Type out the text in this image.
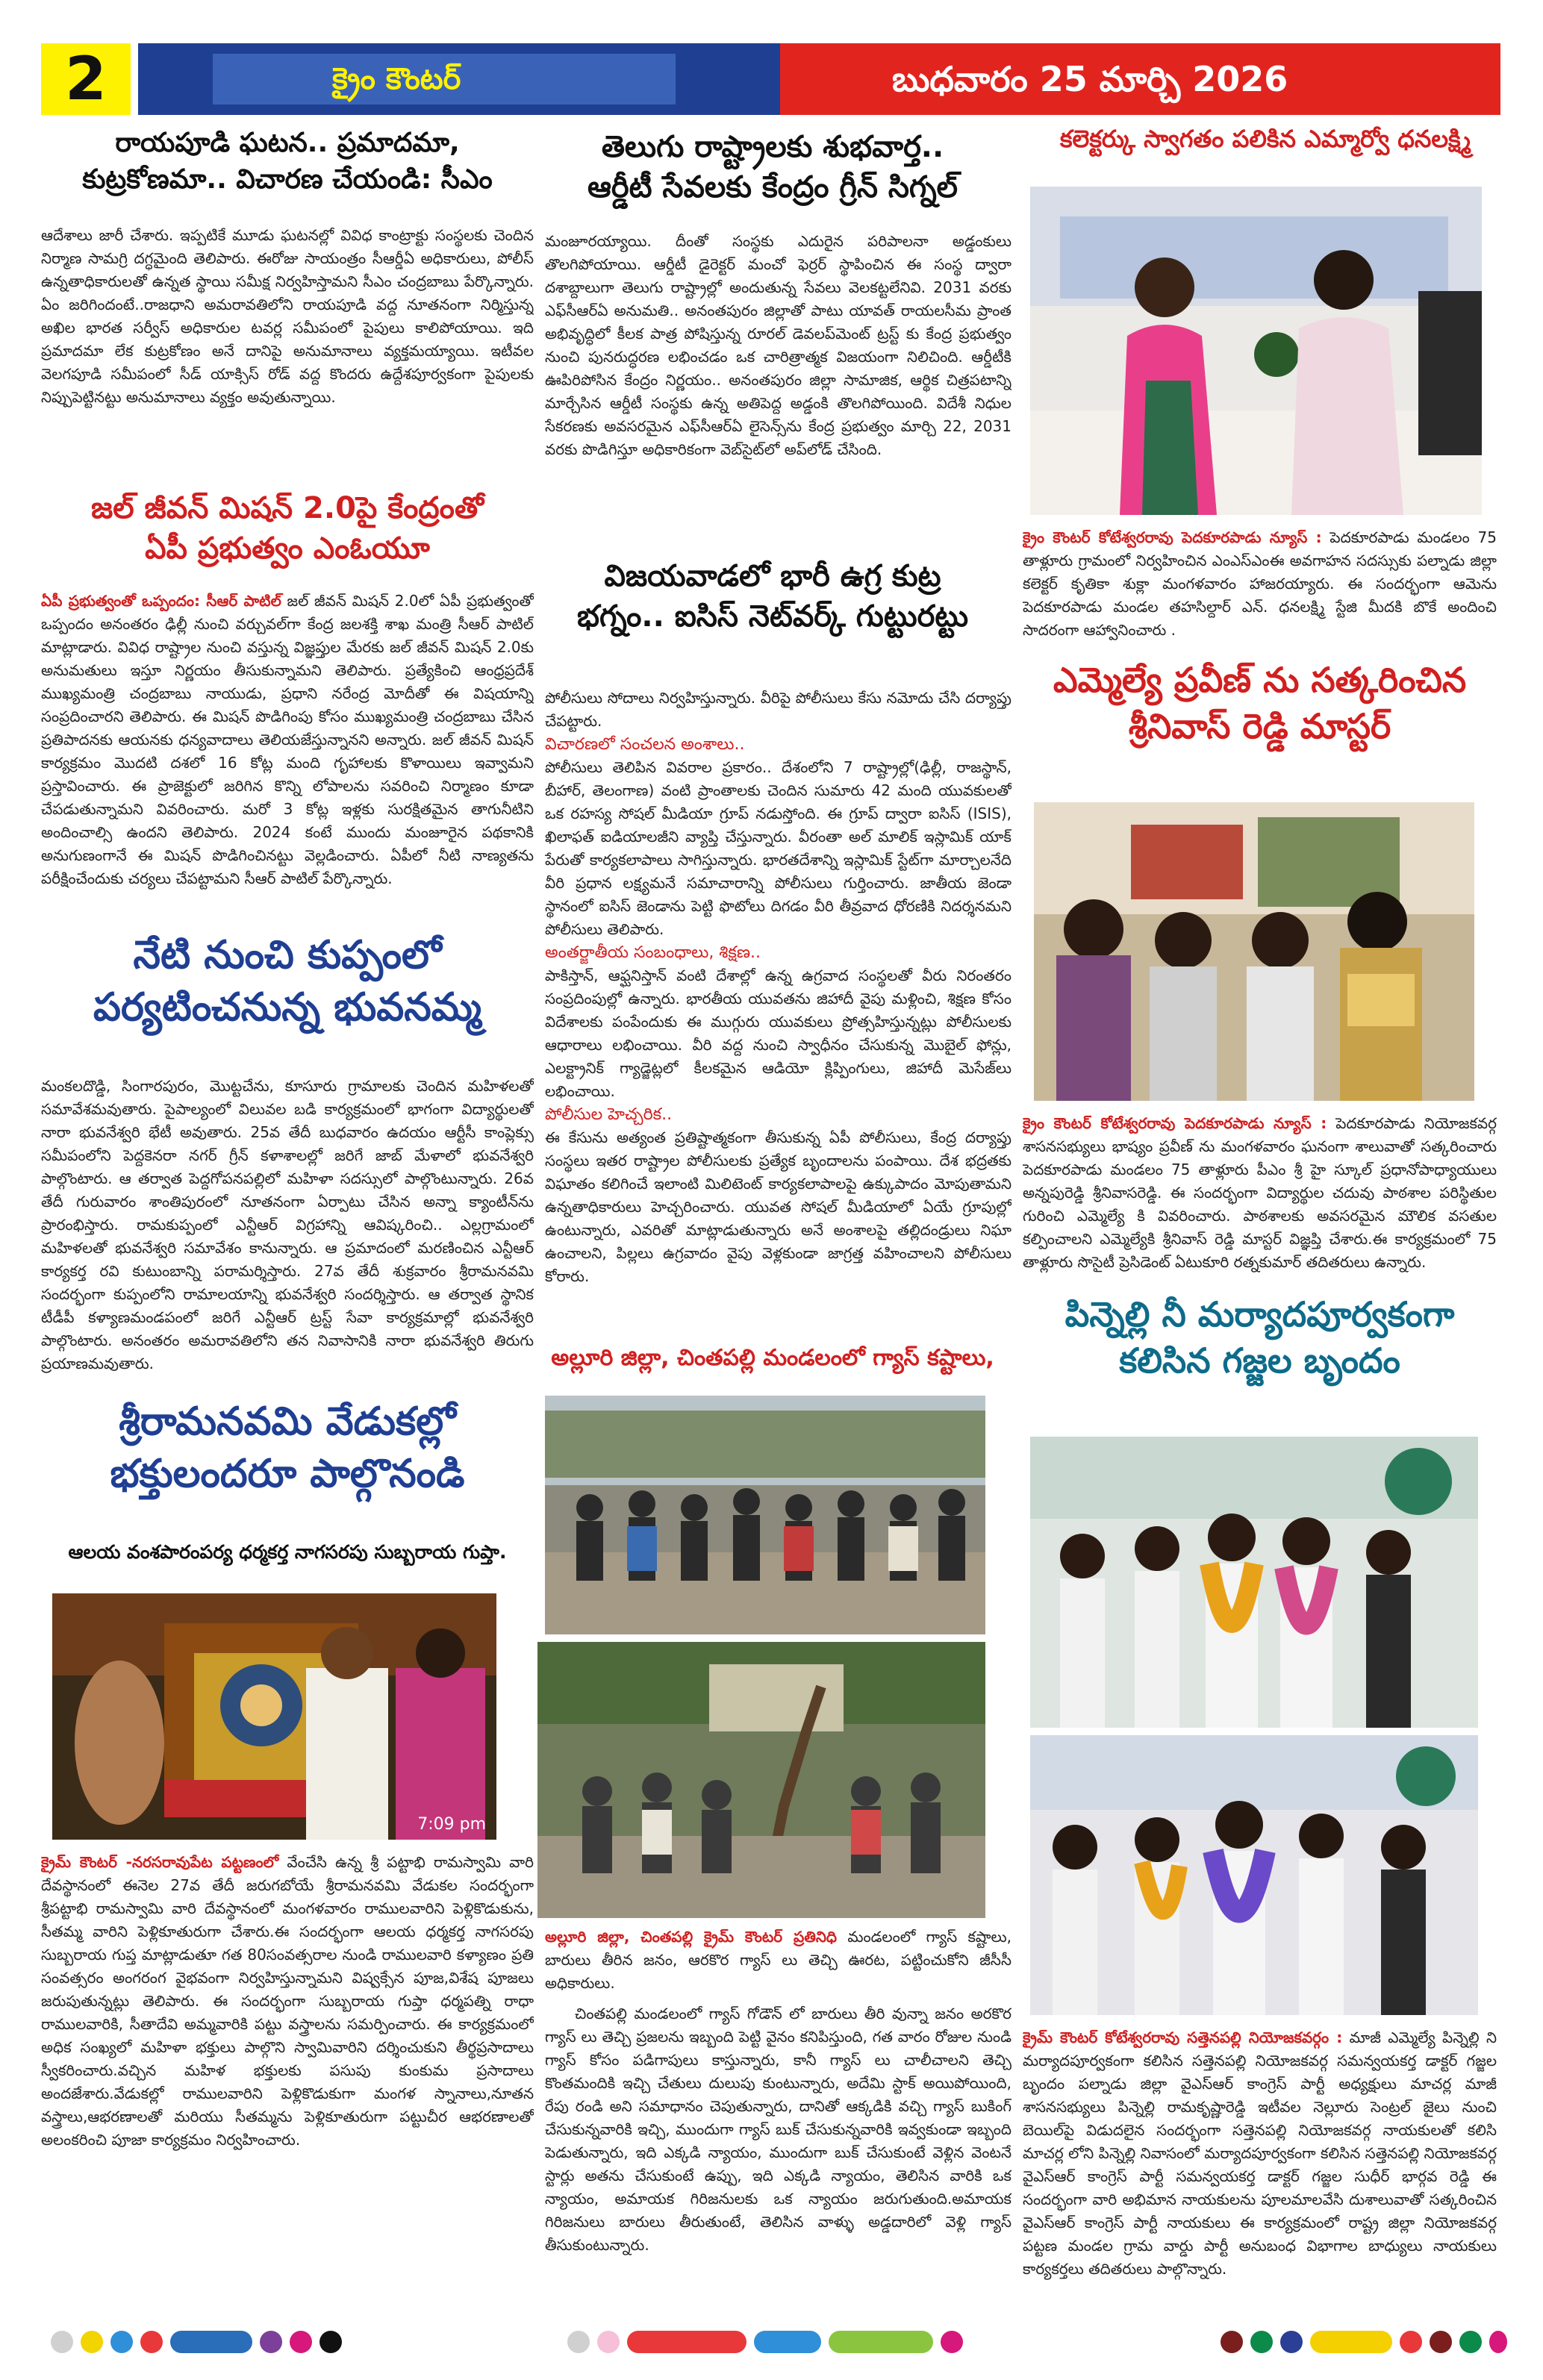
2	క్రైం కౌంటర్	బుధవారం 25 మార్చి 2026
రాయపూడి ఘటన.. ప్రమాదమా,
కుట్రకోణమా.. విచారణ చేయండి: సీఎం
ఆదేశాలు జారీ చేశారు. ఇప్పటికే మూడు ఘటనల్లో వివిధ కాంట్రాక్టు సంస్థలకు చెందిన నిర్మాణ సామగ్రి దగ్ధమైంది తెలిపారు. ఈరోజు సాయంత్రం సీఆర్డీఏ అధికారులు, పోలీస్ ఉన్నతాధికారులతో ఉన్నత స్థాయి సమీక్ష నిర్వహిస్తామని సీఎం చంద్రబాబు పేర్కొన్నారు. ఏం జరిగిందంటే..రాజధాని అమరావతిలోని రాయపూడి వద్ద నూతనంగా నిర్మిస్తున్న అఖిల భారత సర్వీస్ అధికారుల టవర్ల సమీపంలో పైపులు కాలిపోయాయి. ఇది ప్రమాదమా లేక కుట్రకోణం అనే దానిపై అనుమానాలు వ్యక్తమయ్యాయి. ఇటీవల వెలగపూడి సమీపంలో సీడ్ యాక్సిస్ రోడ్ వద్ద కొందరు ఉద్దేశపూర్వకంగా పైపులకు నిప్పుపెట్టినట్టు అనుమానాలు వ్యక్తం అవుతున్నాయి.
జల్ జీవన్ మిషన్ 2.0పై కేంద్రంతో
ఏపీ ప్రభుత్వం ఎంఓయూ
ఏపీ ప్రభుత్వంతో ఒప్పందం: సీఆర్ పాటిల్ జల్ జీవన్ మిషన్ 2.0లో ఏపీ ప్రభుత్వంతో ఒప్పందం అనంతరం ఢిల్లీ నుంచి వర్చువల్‌గా కేంద్ర జలశక్తి శాఖ మంత్రి సీఆర్ పాటిల్ మాట్లాడారు. వివిధ రాష్ట్రాల నుంచి వస్తున్న విజ్ఞప్తుల మేరకు జల్ జీవన్ మిషన్ 2.0కు అనుమతులు ఇస్తూ నిర్ణయం తీసుకున్నామని తెలిపారు. ప్రత్యేకించి ఆంధ్రప్రదేశ్ ముఖ్యమంత్రి చంద్రబాబు నాయుడు, ప్రధాని నరేంద్ర మోదీతో ఈ విషయాన్ని సంప్రదించారని తెలిపారు. ఈ మిషన్ పొడిగింపు కోసం ముఖ్యమంత్రి చంద్రబాబు చేసిన ప్రతిపాదనకు ఆయనకు ధన్యవాదాలు తెలియజేస్తున్నానని అన్నారు. జల్ జీవన్ మిషన్ కార్యక్రమం మొదటి దశలో 16 కోట్ల మంది గృహాలకు కొళాయిలు ఇవ్వామని ప్రస్తావించారు. ఈ ప్రాజెక్టులో జరిగిన కొన్ని లోపాలను సవరించి నిర్మాణం కూడా చేపడుతున్నామని వివరించారు. మరో 3 కోట్ల ఇళ్లకు సురక్షితమైన తాగునీటిని అందించాల్సి ఉందని తెలిపారు. 2024 కంటే ముందు మంజూరైన పథకానికి అనుగుణంగానే ఈ మిషన్ పొడిగించినట్టు వెల్లడించారు. ఏపీలో నీటి నాణ్యతను పరీక్షించేందుకు చర్యలు చేపట్టామని సీఆర్ పాటిల్ పేర్కొన్నారు.
నేటి నుంచి కుప్పంలో
పర్యటించనున్న భువనమ్మ
మంకలదొడ్డి, సింగారపురం, మొట్టచేను, కూసూరు గ్రామాలకు చెందిన మహిళలతో సమావేశమవుతారు. పైపాల్యంలో విలువల బడి కార్యక్రమంలో భాగంగా విద్యార్థులతో నారా భువనేశ్వరి భేటీ అవుతారు. 25వ తేదీ బుధవారం ఉదయం ఆర్టీసీ కాంప్లెక్సు సమీపంలోని పెద్దకెనరా నగర్ గ్రీన్ కళాశాలల్లో జరిగే జాబ్ మేళాలో భువనేశ్వరి పాల్గొంటారు. ఆ తర్వాత పెద్దగోపనపల్లిలో మహిళా సదస్సులో పాల్గొంటున్నారు. 26వ తేదీ గురువారం శాంతిపురంలో నూతనంగా ఏర్పాటు చేసిన అన్నా క్యాంటీన్‌ను ప్రారంభిస్తారు. రామకుప్పంలో ఎన్టీఆర్ విగ్రహాన్ని ఆవిష్కరించి.. ఎల్లగ్రామంలో మహిళలతో భువనేశ్వరి సమావేశం కానున్నారు. ఆ ప్రమాదంలో మరణించిన ఎన్టీఆర్ కార్యకర్త రవి కుటుంబాన్ని పరామర్శిస్తారు. 27వ తేదీ శుక్రవారం శ్రీరామనవమి సందర్భంగా కుప్పంలోని రామాలయాన్ని భువనేశ్వరి సందర్శిస్తారు. ఆ తర్వాత స్థానిక టీడీపీ కళ్యాణమండపంలో జరిగే ఎన్టీఆర్ ట్రస్ట్ సేవా కార్యక్రమాల్లో భువనేశ్వరి పాల్గొంటారు. అనంతరం అమరావతిలోని తన నివాసానికి నారా భువనేశ్వరి తిరుగు ప్రయాణమవుతారు.
శ్రీరామనవమి వేడుకల్లో
భక్తులందరూ పాల్గొనండి
ఆలయ వంశపారంపర్య ధర్మకర్త నాగసరపు సుబ్బరాయ గుప్తా.
7:09 pm
క్రైమ్ కౌంటర్ -నరసరావుపేట పట్టణంలో వేంచేసి ఉన్న శ్రీ పట్టాభి రామస్వామి వారి దేవస్థానంలో ఈనెల 27వ తేదీ జరుగబోయే శ్రీరామనవమి వేడుకల సందర్భంగా శ్రీపట్టాభి రామస్వామి వారి దేవస్థానంలో మంగళవారం రాములవారిని పెళ్లికొడుకును, సీతమ్మ వారిని పెళ్లికూతురుగా చేశారు.ఈ సందర్భంగా ఆలయ ధర్మకర్త నాగసరపు సుబ్బరాయ గుప్త మాట్లాడుతూ గత 80సంవత్సరాల నుండి రాములవారి కళ్యాణం ప్రతి సంవత్సరం అంగరంగ వైభవంగా నిర్వహిస్తున్నామని విష్వక్సేన పూజ,విశేష పూజలు జరుపుతున్నట్లు తెలిపారు. ఈ సందర్భంగా సుబ్బరాయ గుప్తా ధర్మపత్ని రాధా రాములవారికి, సీతాదేవి అమ్మవారికి పట్టు వస్త్రాలను సమర్పించారు. ఈ కార్యక్రమంలో అధిక సంఖ్యలో మహిళా భక్తులు పాల్గొని స్వామివారిని దర్శించుకుని తీర్థప్రసాదాలు స్వీకరించారు.వచ్చిన మహిళ భక్తులకు పసుపు కుంకుమ ప్రసాదాలు అందజేశారు.వేడుకల్లో రాములవారిని పెళ్లికొడుకుగా మంగళ స్నానాలు,నూతన వస్త్రాలు,ఆభరణాలతో మరియు సీతమ్మను పెళ్లికూతురుగా పట్టుచీర ఆభరణాలతో అలంకరించి పూజా కార్యక్రమం నిర్వహించారు.
తెలుగు రాష్ట్రాలకు శుభవార్త..
ఆర్డీటీ సేవలకు కేంద్రం గ్రీన్ సిగ్నల్
మంజూరయ్యాయి. దీంతో సంస్థకు ఎదురైన పరిపాలనా అడ్డంకులు తొలగిపోయాయి. ఆర్డీటీ డైరెక్టర్ మంచో ఫెర్రర్ స్థాపించిన ఈ సంస్థ ద్వారా దశాబ్దాలుగా తెలుగు రాష్ట్రాల్లో అందుతున్న సేవలు వెలకట్టలేనివి. 2031 వరకు ఎఫ్‌సీఆర్ఏ అనుమతి.. అనంతపురం జిల్లాతో పాటు యావత్ రాయలసీమ ప్రాంత అభివృద్ధిలో కీలక పాత్ర పోషిస్తున్న రూరల్ డెవలప్‌మెంట్ ట్రస్ట్ కు కేంద్ర ప్రభుత్వం నుంచి పునరుద్ధరణ లభించడం ఒక చారిత్రాత్మక విజయంగా నిలిచింది. ఆర్డీటీకి ఊపిరిపోసిన కేంద్రం నిర్ణయం.. అనంతపురం జిల్లా సామాజిక, ఆర్థిక చిత్రపటాన్ని మార్చేసిన ఆర్డీటీ సంస్థకు ఉన్న అతిపెద్ద అడ్డంకి తొలగిపోయింది. విదేశీ నిధుల సేకరణకు అవసరమైన ఎఫ్‌సీఆర్ఏ లైసెన్స్‌ను కేంద్ర ప్రభుత్వం మార్చి 22, 2031 వరకు పొడిగిస్తూ అధికారికంగా వెబ్‌సైట్‌లో అప్‌లోడ్ చేసింది.
విజయవాడలో భారీ ఉగ్ర కుట్ర
భగ్నం.. ఐసిస్ నెట్‌వర్క్ గుట్టురట్టు
పోలీసులు సోదాలు నిర్వహిస్తున్నారు. వీరిపై పోలీసులు కేసు నమోదు చేసి దర్యాప్తు చేపట్టారు.
విచారణలో సంచలన అంశాలు..
పోలీసులు తెలిపిన వివరాల ప్రకారం.. దేశంలోని 7 రాష్ట్రాల్లో(ఢిల్లీ, రాజస్థాన్, బీహార్, తెలంగాణ) వంటి ప్రాంతాలకు చెందిన సుమారు 42 మంది యువకులతో ఒక రహస్య సోషల్ మీడియా గ్రూప్ నడుస్తోంది. ఈ గ్రూప్ ద్వారా ఐసిస్ (ISIS), ఖిలాఫత్ ఐడియాలజీని వ్యాప్తి చేస్తున్నారు. వీరంతా అల్ మాలిక్ ఇస్లామిక్ యాక్ పేరుతో కార్యకలాపాలు సాగిస్తున్నారు. భారతదేశాన్ని ఇస్లామిక్ స్టేట్‌గా మార్చాలనేది వీరి ప్రధాన లక్ష్యమనే సమాచారాన్ని పోలీసులు గుర్తించారు. జాతీయ జెండా స్థానంలో ఐసిస్ జెండాను పెట్టి ఫొటోలు దిగడం వీరి తీవ్రవాద ధోరణికి నిదర్శనమని పోలీసులు తెలిపారు.
అంతర్జాతీయ సంబంధాలు, శిక్షణ..
పాకిస్తాన్, ఆఫ్ఘనిస్తాన్ వంటి దేశాల్లో ఉన్న ఉగ్రవాద సంస్థలతో వీరు నిరంతరం సంప్రదింపుల్లో ఉన్నారు. భారతీయ యువతను జిహాదీ వైపు మళ్లించి, శిక్షణ కోసం విదేశాలకు పంపేందుకు ఈ ముగ్గురు యువకులు ప్రోత్సహిస్తున్నట్లు పోలీసులకు ఆధారాలు లభించాయి. వీరి వద్ద నుంచి స్వాధీనం చేసుకున్న మొబైల్ ఫోన్లు, ఎలక్ట్రానిక్ గ్యాడ్జెట్లలో కీలకమైన ఆడియో క్లిప్పింగులు, జిహాదీ మెసేజ్‌లు లభించాయి.
పోలీసుల హెచ్చరిక..
ఈ కేసును అత్యంత ప్రతిష్టాత్మకంగా తీసుకున్న ఏపీ పోలీసులు, కేంద్ర దర్యాప్తు సంస్థలు ఇతర రాష్ట్రాల పోలీసులకు ప్రత్యేక బృందాలను పంపాయి. దేశ భద్రతకు విఘాతం కలిగించే ఇలాంటి మిలిటెంట్ కార్యకలాపాలపై ఉక్కుపాదం మోపుతామని ఉన్నతాధికారులు హెచ్చరించారు. యువత సోషల్ మీడియాలో ఏయే గ్రూపుల్లో ఉంటున్నారు, ఎవరితో మాట్లాడుతున్నారు అనే అంశాలపై తల్లిదండ్రులు నిఘా ఉంచాలని, పిల్లలు ఉగ్రవాదం వైపు వెళ్లకుండా జాగ్రత్త వహించాలని పోలీసులు కోరారు.
అల్లూరి జిల్లా, చింతపల్లి మండలంలో గ్యాస్ కష్టాలు,
అల్లూరి జిల్లా, చింతపల్లి క్రైమ్ కౌంటర్ ప్రతినిధి మండలంలో గ్యాస్ కష్టాలు, బారులు తీరిన జనం, ఆరకొర గ్యాస్ లు తెచ్చి ఊరట, పట్టించుకోని జీసీసీ అధికారులు.
చింతపల్లి మండలంలో గ్యాస్ గోడౌన్ లో బారులు తీరి వున్నా జనం అరకొర గ్యాస్ లు తెచ్చి ప్రజలను ఇబ్బంది పెట్టి వైనం కనిపిస్తుంది, గత వారం రోజుల నుండి గ్యాస్ కోసం పడిగాపులు కాస్తున్నారు, కానీ గ్యాస్ లు చాలీచాలని తెచ్చి కొంతమందికి ఇచ్చి చేతులు దులుపు కుంటున్నారు, అదేమి స్టాక్ అయిపోయింది, రేపు రండి అని సమాధానం చెపుతున్నారు, దానితో ఆక్కడికి వచ్చి గ్యాస్ బుకింగ్ చేసుకున్నవారికి ఇచ్చి, ముందుగా గ్యాస్ బుక్ చేసుకున్నవారికి ఇవ్వకుండా ఇబ్బంది పెడుతున్నారు, ఇది ఎక్కడి న్యాయం, ముందుగా బుక్ చేసుకుంటే వెళ్లిన వెంటనే స్టార్లు అతను చేసుకుంటే ఉప్పు, ఇది ఎక్కడి న్యాయం, తెలిసిన వారికి ఒక న్యాయం, అమాయక గిరిజనులకు ఒక న్యాయం జరుగుతుంది.అమాయక గిరిజనులు బారులు తీరుతుంటే, తెలిసిన వాళ్ళు అడ్డదారిలో వెళ్లి గ్యాస్ తీసుకుంటున్నారు.
కలెక్టర్కు స్వాగతం పలికిన ఎమ్మార్వో ధనలక్ష్మి
క్రైం కౌంటర్ కోటేశ్వరరావు పెదకూరపాడు న్యూస్ : పెదకూరపాడు మండలం 75 తాళ్లూరు గ్రామంలో నిర్వహించిన ఎంఎస్ఎంఈ అవగాహన సదస్సుకు పల్నాడు జిల్లా కలెక్టర్ కృతికా శుక్లా మంగళవారం హాజరయ్యారు. ఈ సందర్భంగా ఆమెను పెదకూరపాడు మండల తహసిల్దార్ ఎన్. ధనలక్ష్మి స్టేజి మీదకి బొకే అందించి సాదరంగా ఆహ్వానించారు .
ఎమ్మెల్యే ప్రవీణ్ ను సత్కరించిన
శ్రీనివాస్ రెడ్డి మాస్టర్
క్రైం కౌంటర్ కోటేశ్వరరావు పెదకూరపాడు న్యూస్ : పెదకూరపాడు నియోజకవర్గ శాసనసభ్యులు భాష్యం ప్రవీణ్ ను మంగళవారం ఘనంగా శాలువాతో సత్కరించారు పెదకూరపాడు మండలం 75 తాళ్లూరు పీఎం శ్రీ హై స్కూల్ ప్రధానోపాధ్యాయులు అన్నపురెడ్డి శ్రీనివాసరెడ్డి. ఈ సందర్భంగా విద్యార్థుల చదువు పాఠశాల పరిస్థితుల గురించి ఎమ్మెల్యే కి వివరించారు. పాఠశాలకు అవసరమైన మౌలిక వసతుల కల్పించాలని ఎమ్మెల్యేకి శ్రీనివాస్ రెడ్డి మాస్టర్ విజ్ఞప్తి చేశారు.ఈ కార్యక్రమంలో 75 తాళ్లూరు సొసైటీ ప్రెసిడెంట్ ఏటుకూరి రత్నకుమార్ తదితరులు ఉన్నారు.
పిన్నెల్లి నీ మర్యాదపూర్వకంగా
కలిసిన గజ్జల బృందం
క్రైమ్ కౌంటర్ కోటేశ్వరరావు సత్తెనపల్లి నియోజకవర్గం : మాజీ ఎమ్మెల్యే పిన్నెల్లి ని మర్యాదపూర్వకంగా కలిసిన సత్తెనపల్లి నియోజకవర్గ సమన్వయకర్త డాక్టర్ గజ్జల బృందం పల్నాడు జిల్లా వైఎస్ఆర్ కాంగ్రెస్ పార్టీ అధ్యక్షులు మాచర్ల మాజీ శాసనసభ్యులు పిన్నెల్లి రామకృష్ణారెడ్డి ఇటీవల నెల్లూరు సెంట్రల్ జైలు నుంచి బెయిల్‌పై విడుదలైన సందర్భంగా సత్తెనపల్లి నియోజకవర్గ నాయకులతో కలిసి మాచర్ల లోని పిన్నెల్లి నివాసంలో మర్యాదపూర్వకంగా కలిసిన సత్తెనపల్లి నియోజకవర్గ వైఎస్ఆర్ కాంగ్రెస్ పార్టీ సమన్వయకర్త డాక్టర్ గజ్జల సుధీర్ భార్గవ రెడ్డి ఈ సందర్భంగా వారి అభిమాన నాయకులను పూలమాలవేసి దుశాలువాతో సత్కరించిన వైఎస్ఆర్ కాంగ్రెస్ పార్టీ నాయకులు ఈ కార్యక్రమంలో రాష్ట్ర జిల్లా నియోజకవర్గ పట్టణ మండల గ్రామ వార్డు పార్టీ అనుబంధ విభాగాల బాధ్యులు నాయకులు కార్యకర్తలు తదితరులు పాల్గొన్నారు.
